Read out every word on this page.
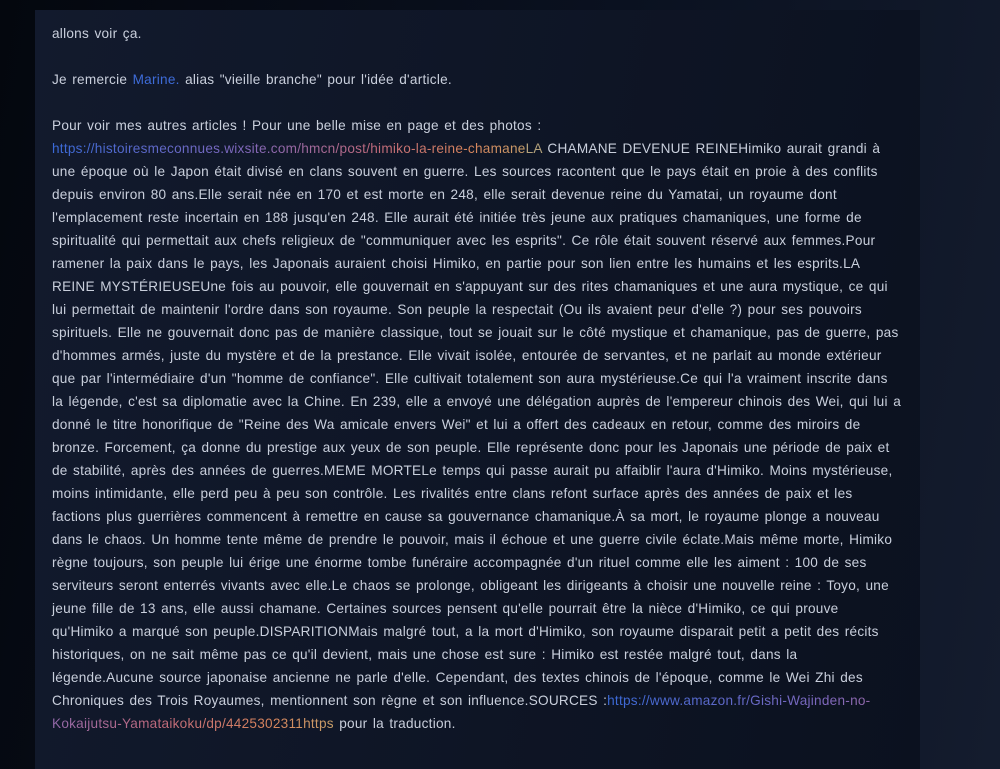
allons voir ça.

Je remercie Marine. alias "vieille branche" pour l'idée d'article.

Pour voir mes autres articles ! Pour une belle mise en page et des photos :
https://histoiresmeconnues.wixsite.com/hmcn/post/himiko-la-reine-chamaneLA CHAMANE DEVENUE REINEHimiko aurait grandi à une époque où le Japon était divisé en clans souvent en guerre. Les sources racontent que le pays était en proie à des conflits depuis environ 80 ans.Elle serait née en 170 et est morte en 248, elle serait devenue reine du Yamatai, un royaume dont l'emplacement reste incertain en 188 jusqu'en 248. Elle aurait été initiée très jeune aux pratiques chamaniques, une forme de spiritualité qui permettait aux chefs religieux de "communiquer avec les esprits". Ce rôle était souvent réservé aux femmes.Pour ramener la paix dans le pays, les Japonais auraient choisi Himiko, en partie pour son lien entre les humains et les esprits.LA REINE MYSTÉRIEUSEUne fois au pouvoir, elle gouvernait en s'appuyant sur des rites chamaniques et une aura mystique, ce qui lui permettait de maintenir l'ordre dans son royaume. Son peuple la respectait (Ou ils avaient peur d'elle ?) pour ses pouvoirs spirituels. Elle ne gouvernait donc pas de manière classique, tout se jouait sur le côté mystique et chamanique, pas de guerre, pas d'hommes armés, juste du mystère et de la prestance. Elle vivait isolée, entourée de servantes, et ne parlait au monde extérieur que par l'intermédiaire d'un "homme de confiance". Elle cultivait totalement son aura mystérieuse.Ce qui l'a vraiment inscrite dans la légende, c'est sa diplomatie avec la Chine. En 239, elle a envoyé une délégation auprès de l'empereur chinois des Wei, qui lui a donné le titre honorifique de "Reine des Wa amicale envers Wei" et lui a offert des cadeaux en retour, comme des miroirs de bronze. Forcement, ça donne du prestige aux yeux de son peuple. Elle représente donc pour les Japonais une période de paix et de stabilité, après des années de guerres.MEME MORTELe temps qui passe aurait pu affaiblir l'aura d'Himiko. Moins mystérieuse, moins intimidante, elle perd peu à peu son contrôle. Les rivalités entre clans refont surface après des années de paix et les factions plus guerrières commencent à remettre en cause sa gouvernance chamanique.À sa mort, le royaume plonge a nouveau dans le chaos. Un homme tente même de prendre le pouvoir, mais il échoue et une guerre civile éclate.Mais même morte, Himiko règne toujours, son peuple lui érige une énorme tombe funéraire accompagnée d'un rituel comme elle les aiment : 100 de ses serviteurs seront enterrés vivants avec elle.Le chaos se prolonge, obligeant les dirigeants à choisir une nouvelle reine : Toyo, une jeune fille de 13 ans, elle aussi chamane. Certaines sources pensent qu'elle pourrait être la nièce d'Himiko, ce qui prouve qu'Himiko a marqué son peuple.DISPARITIONMais malgré tout, a la mort d'Himiko, son royaume disparait petit a petit des récits historiques, on ne sait même pas ce qu'il devient, mais une chose est sure : Himiko est restée malgré tout, dans la légende.Aucune source japonaise ancienne ne parle d'elle. Cependant, des textes chinois de l'époque, comme le Wei Zhi des Chroniques des Trois Royaumes, mentionnent son règne et son influence.SOURCES :https://www.amazon.fr/Gishi-Wajinden-no-Kokaijutsu-Yamataikoku/dp/4425302311https pour la traduction.
